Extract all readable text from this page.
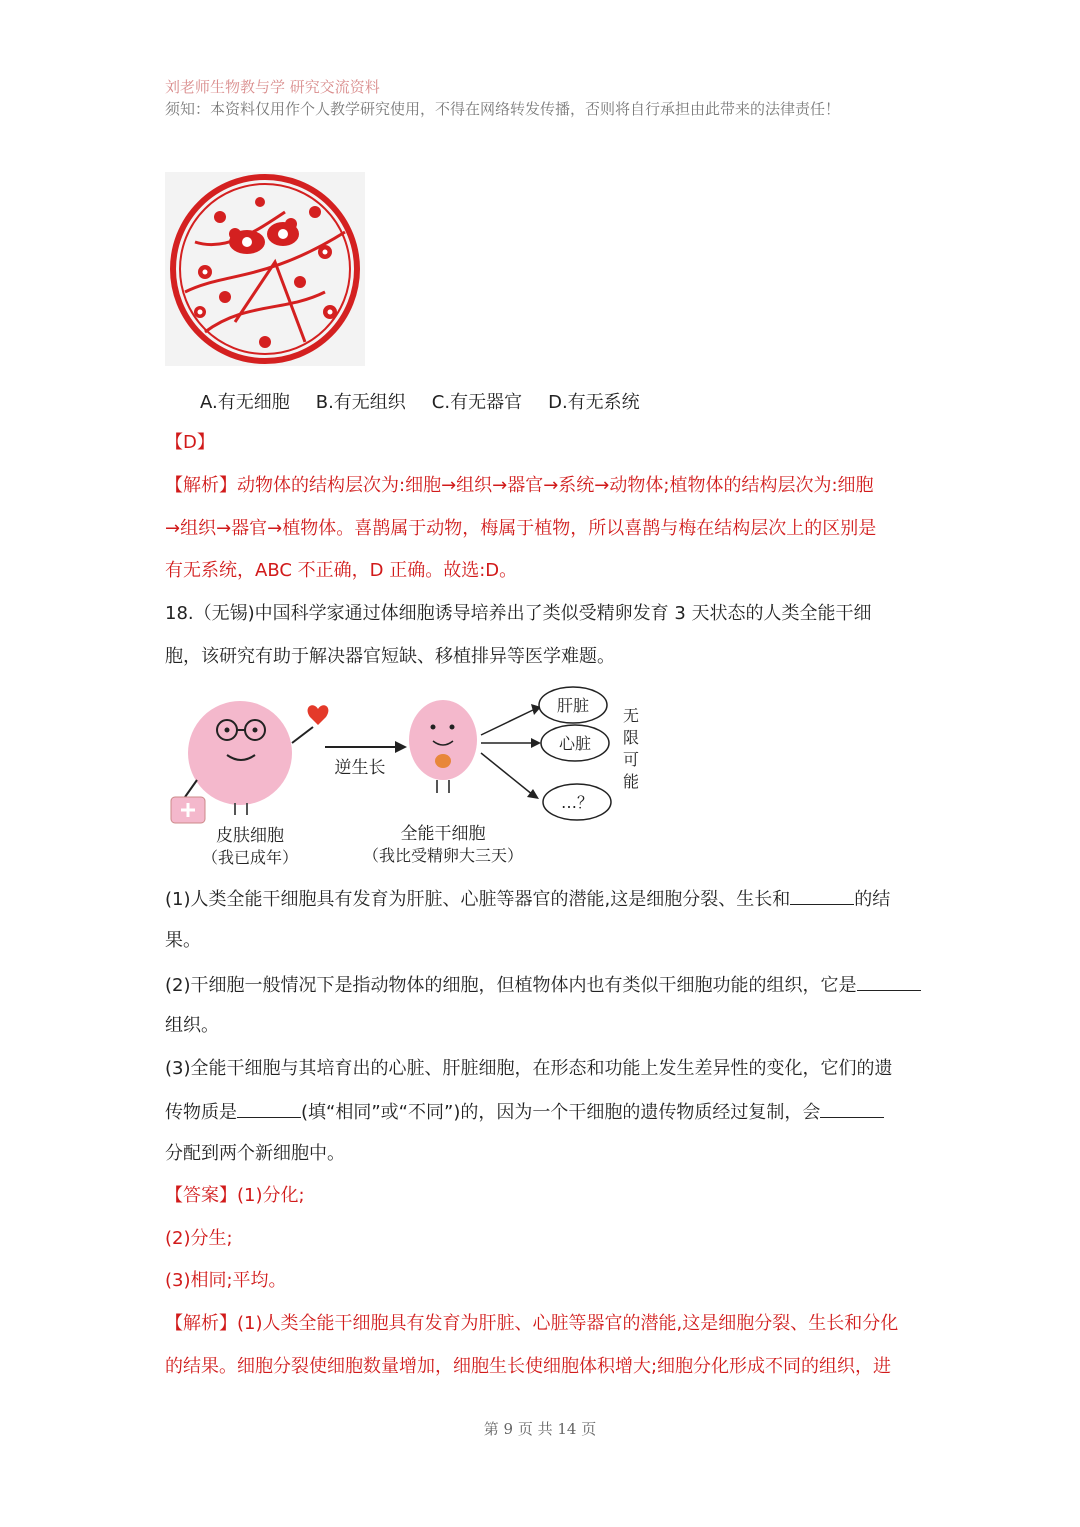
刘老师生物教与学 研究交流资料
须知：本资料仅用作个人教学研究使用，不得在网络转发传播，否则将自行承担由此带来的法律责任！
A.有无细胞 B.有无组织 C.有无器官 D.有无系统
【D】
【解析】动物体的结构层次为:细胞→组织→器官→系统→动物体;植物体的结构层次为:细胞
→组织→器官→植物体。喜鹊属于动物，梅属于植物，所以喜鹊与梅在结构层次上的区别是
有无系统，ABC 不正确，D 正确。故选:D。
18.（无锡)中国科学家通过体细胞诱导培养出了类似受精卵发育 3 天状态的人类全能干细
胞，该研究有助于解决器官短缺、移植排异等医学难题。
皮肤细胞
（我已成年）
逆生长
全能干细胞
（我比受精卵大三天）
肝脏
心脏
…？
无
限
可
能
(1)人类全能干细胞具有发育为肝脏、心脏等器官的潜能,这是细胞分裂、生长和	的结
果。
(2)干细胞一般情况下是指动物体的细胞，但植物体内也有类似干细胞功能的组织，它是
组织。
(3)全能干细胞与其培育出的心脏、肝脏细胞，在形态和功能上发生差异性的变化，它们的遗
传物质是	(填“相同”或“不同”)的，因为一个干细胞的遗传物质经过复制，会
分配到两个新细胞中。
【答案】(1)分化;
(2)分生;
(3)相同;平均。
【解析】(1)人类全能干细胞具有发育为肝脏、心脏等器官的潜能,这是细胞分裂、生长和分化
的结果。细胞分裂使细胞数量增加，细胞生长使细胞体积增大;细胞分化形成不同的组织，进
第 9 页 共 14 页
